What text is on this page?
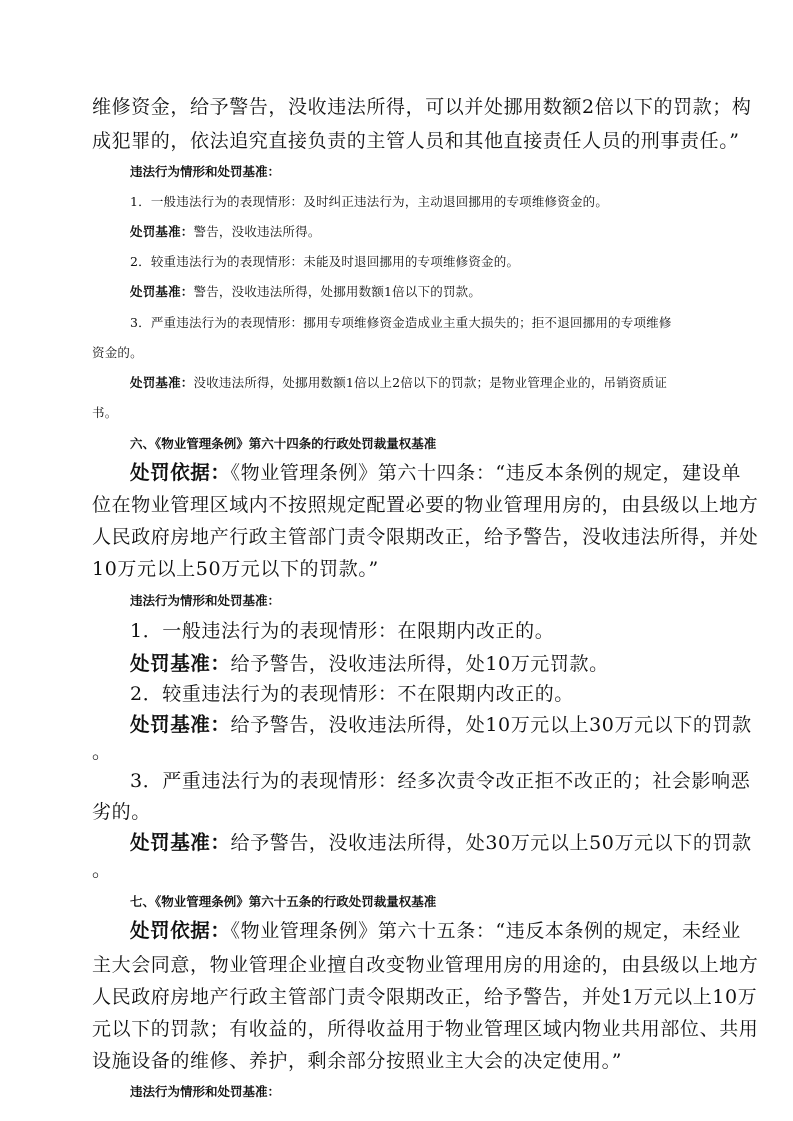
维修资金，给予警告，没收违法所得，可以并处挪用数额2倍以下的罚款；构
成犯罪的，依法追究直接负责的主管人员和其他直接责任人员的刑事责任。”
违法行为情形和处罚基准：
1．一般违法行为的表现情形：及时纠正违法行为，主动退回挪用的专项维修资金的。
处罚基准：警告，没收违法所得。
2．较重违法行为的表现情形：未能及时退回挪用的专项维修资金的。
处罚基准：警告，没收违法所得，处挪用数额1倍以下的罚款。
3．严重违法行为的表现情形：挪用专项维修资金造成业主重大损失的；拒不退回挪用的专项维修
资金的。
处罚基准：没收违法所得，处挪用数额1倍以上2倍以下的罚款；是物业管理企业的，吊销资质证
书。
六、《物业管理条例》第六十四条的行政处罚裁量权基准
处罚依据：《物业管理条例》第六十四条：“违反本条例的规定，建设单
位在物业管理区域内不按照规定配置必要的物业管理用房的，由县级以上地方
人民政府房地产行政主管部门责令限期改正，给予警告，没收违法所得，并处
10万元以上50万元以下的罚款。”
违法行为情形和处罚基准：
1．一般违法行为的表现情形：在限期内改正的。
处罚基准：给予警告，没收违法所得，处10万元罚款。
2．较重违法行为的表现情形：不在限期内改正的。
处罚基准：给予警告，没收违法所得，处10万元以上30万元以下的罚款
。
3．严重违法行为的表现情形：经多次责令改正拒不改正的；社会影响恶
劣的。
处罚基准：给予警告，没收违法所得，处30万元以上50万元以下的罚款
。
七、《物业管理条例》第六十五条的行政处罚裁量权基准
处罚依据：《物业管理条例》第六十五条：“违反本条例的规定，未经业
主大会同意，物业管理企业擅自改变物业管理用房的用途的，由县级以上地方
人民政府房地产行政主管部门责令限期改正，给予警告，并处1万元以上10万
元以下的罚款；有收益的，所得收益用于物业管理区域内物业共用部位、共用
设施设备的维修、养护，剩余部分按照业主大会的决定使用。”
违法行为情形和处罚基准：
